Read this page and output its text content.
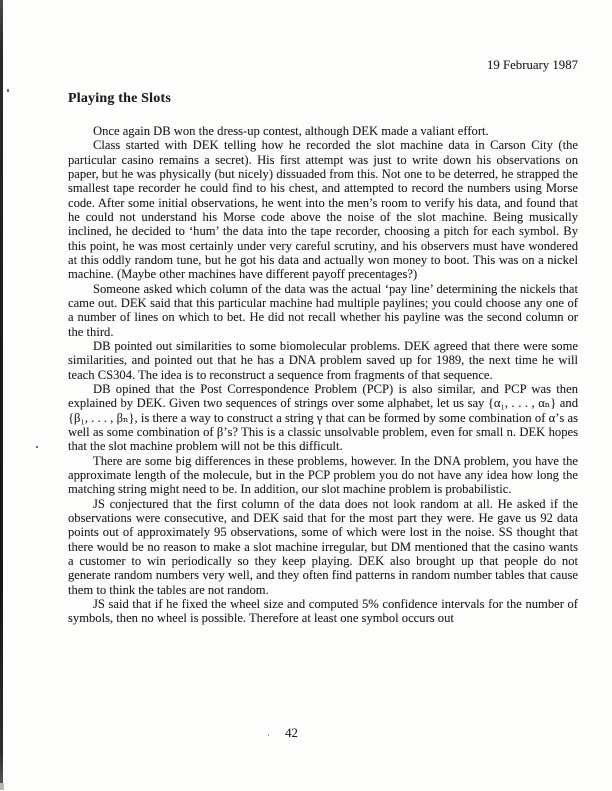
19 February 1987
Playing the Slots

Once again DB won the dress-up contest, although DEK made a valiant effort.

Class started with DEK telling how he recorded the slot machine data in Carson City (the particular casino remains a secret). His first attempt was just to write down his observations on paper, but he was physically (but nicely) dissuaded from this. Not one to be deterred, he strapped the smallest tape recorder he could find to his chest, and attempted to record the numbers using Morse code. After some initial observations, he went into the men’s room to verify his data, and found that he could not understand his Morse code above the noise of the slot machine. Being musically inclined, he decided to ‘hum’ the data into the tape recorder, choosing a pitch for each symbol. By this point, he was most certainly under very careful scrutiny, and his observers must have wondered at this oddly random tune, but he got his data and actually won money to boot. This was on a nickel machine. (Maybe other machines have different payoff precentages?)

Someone asked which column of the data was the actual ‘pay line’ determining the nickels that came out. DEK said that this particular machine had multiple paylines; you could choose any one of a number of lines on which to bet. He did not recall whether his payline was the second column or the third.

DB pointed out similarities to some biomolecular problems. DEK agreed that there were some similarities, and pointed out that he has a DNA problem saved up for 1989, the next time he will teach CS304. The idea is to reconstruct a sequence from fragments of that sequence.

DB opined that the Post Correspondence Problem (PCP) is also similar, and PCP was then explained by DEK. Given two sequences of strings over some alphabet, let us say {α₁, . . . , αₙ} and {β₁, . . . , βₙ}, is there a way to construct a string γ that can be formed by some combination of α’s as well as some combination of β’s? This is a classic unsolvable problem, even for small n. DEK hopes that the slot machine problem will not be this difficult.

There are some big differences in these problems, however. In the DNA problem, you have the approximate length of the molecule, but in the PCP problem you do not have any idea how long the matching string might need to be. In addition, our slot machine problem is probabilistic.

JS conjectured that the first column of the data does not look random at all. He asked if the observations were consecutive, and DEK said that for the most part they were. He gave us 92 data points out of approximately 95 observations, some of which were lost in the noise. SS thought that there would be no reason to make a slot machine irregular, but DM mentioned that the casino wants a customer to win periodically so they keep playing. DEK also brought up that people do not generate random numbers very well, and they often find patterns in random number tables that cause them to think the tables are not random.

JS said that if he fixed the wheel size and computed 5% confidence intervals for the number of symbols, then no wheel is possible. Therefore at least one symbol occurs out

42
